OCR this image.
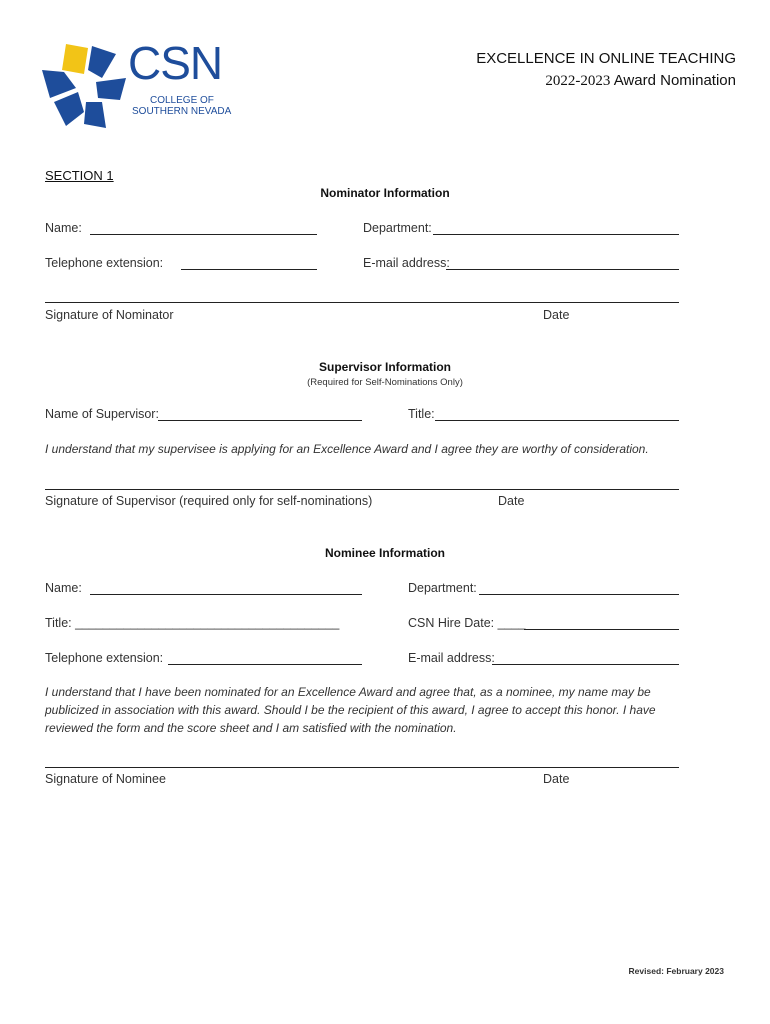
CSN
COLLEGE OF
SOUTHERN NEVADA
EXCELLENCE IN ONLINE TEACHING
2022-2023 Award Nomination
SECTION 1
Nominator Information
Name:	Department:
Telephone extension:	E-mail address:
Signature of Nominator	Date
Supervisor Information
(Required for Self-Nominations Only)
Name of Supervisor:	Title:
I understand that my supervisee is applying for an Excellence Award and I agree they are worthy of consideration.
Signature of Supervisor (required only for self-nominations)	Date
Nominee Information
Name:	Department:
Title: ______________________________________	CSN Hire Date: ____
Telephone extension:	E-mail address:
I understand that I have been nominated for an Excellence Award and agree that, as a nominee, my name may be
publicized in association with this award. Should I be the recipient of this award, I agree to accept this honor. I have
reviewed the form and the score sheet and I am satisfied with the nomination.
Signature of Nominee	Date
Revised: February 2023
